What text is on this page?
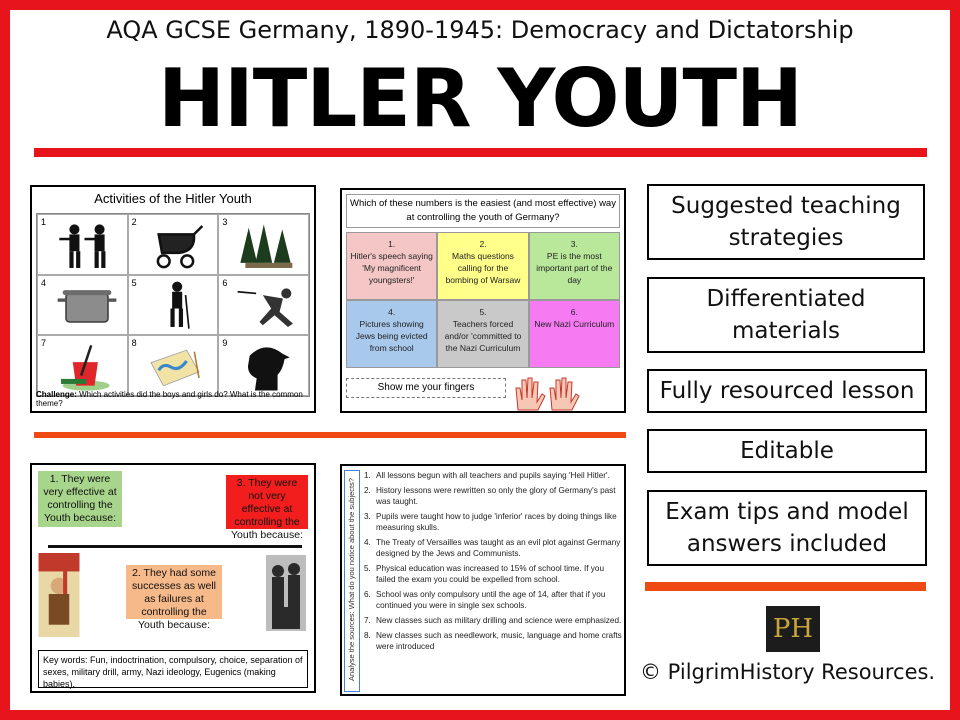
AQA GCSE Germany, 1890-1945: Democracy and Dictatorship
HITLER YOUTH
Activities of the Hitler Youth
1	2	3
4	5	6
7	8	9
Challenge: Which activities did the boys and girls do? What is the common theme?
Which of these numbers is the easiest (and most effective) way at controlling the youth of Germany?
1.
Hitler's speech saying 'My magnificent youngsters!'
2.
Maths questions calling for the bombing of Warsaw
3.
PE is the most important part of the day
4.
Pictures showing Jews being evicted from school
5.
Teachers forced and/or 'committed to the Nazi Curriculum
6.
New Nazi Curriculum
Show me your fingers
Suggested teaching strategies
Differentiated materials
Fully resourced lesson
Editable
Exam tips and model answers included
1. They were very effective at controlling the Youth because:
3. They were not very effective at controlling the Youth because:
2. They had some successes as well as failures at controlling the Youth because:
Key words: Fun, indoctrination, compulsory, choice, separation of sexes, military drill, army, Nazi ideology, Eugenics (making babies),
Analyse the sources: What do you notice about the subjects?
1. All lessons begun with all teachers and pupils saying 'Heil Hitler'.
2. History lessons were rewritten so only the glory of Germany's past was taught.
3. Pupils were taught how to judge 'inferior' races by doing things like measuring skulls.
4. The Treaty of Versailles was taught as an evil plot against Germany designed by the Jews and Communists.
5. Physical education was increased to 15% of school time. If you failed the exam you could be expelled from school.
6. School was only compulsory until the age of 14, after that if you continued you were in single sex schools.
7. New classes such as military drilling and science were emphasized.
8. New classes such as needlework, music, language and home crafts were introduced
PH
© PilgrimHistory Resources.
